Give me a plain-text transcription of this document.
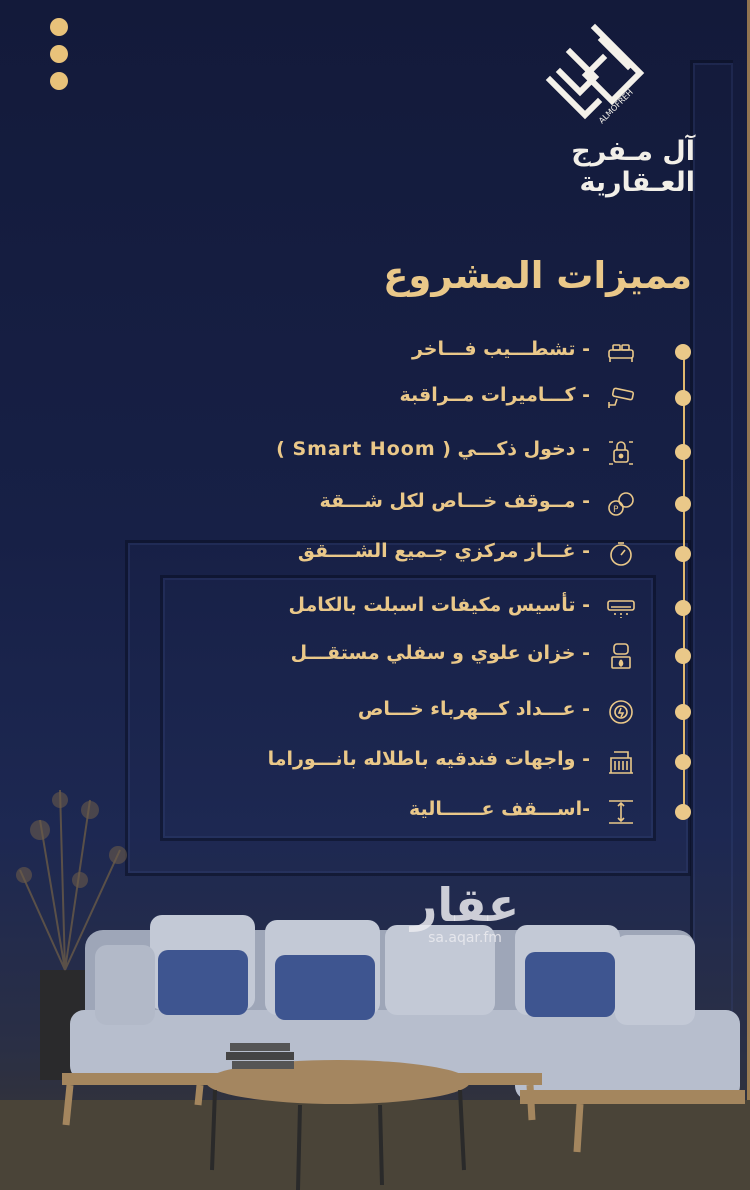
ALMOFREH
آل مـفرج العـقارية
مميزات المشروع
- تشطـــيب فـــاخر
- كـــاميرات مــراقبة
- دخول ذكـــي ( Smart Hoom )
P
- مــوقف خـــاص لكل شـــقة
- غـــاز مركزي جـميع الشــــقق
- تأسيس مكيفات اسبلت بالكامل
- خزان علوي و سفلي مستقـــل
- عـــداد كـــهرباء خـــاص
- واجهات فندقيه باطلاله بانـــوراما
-اســـقف عــــــالية
عقار
sa.aqar.fm
